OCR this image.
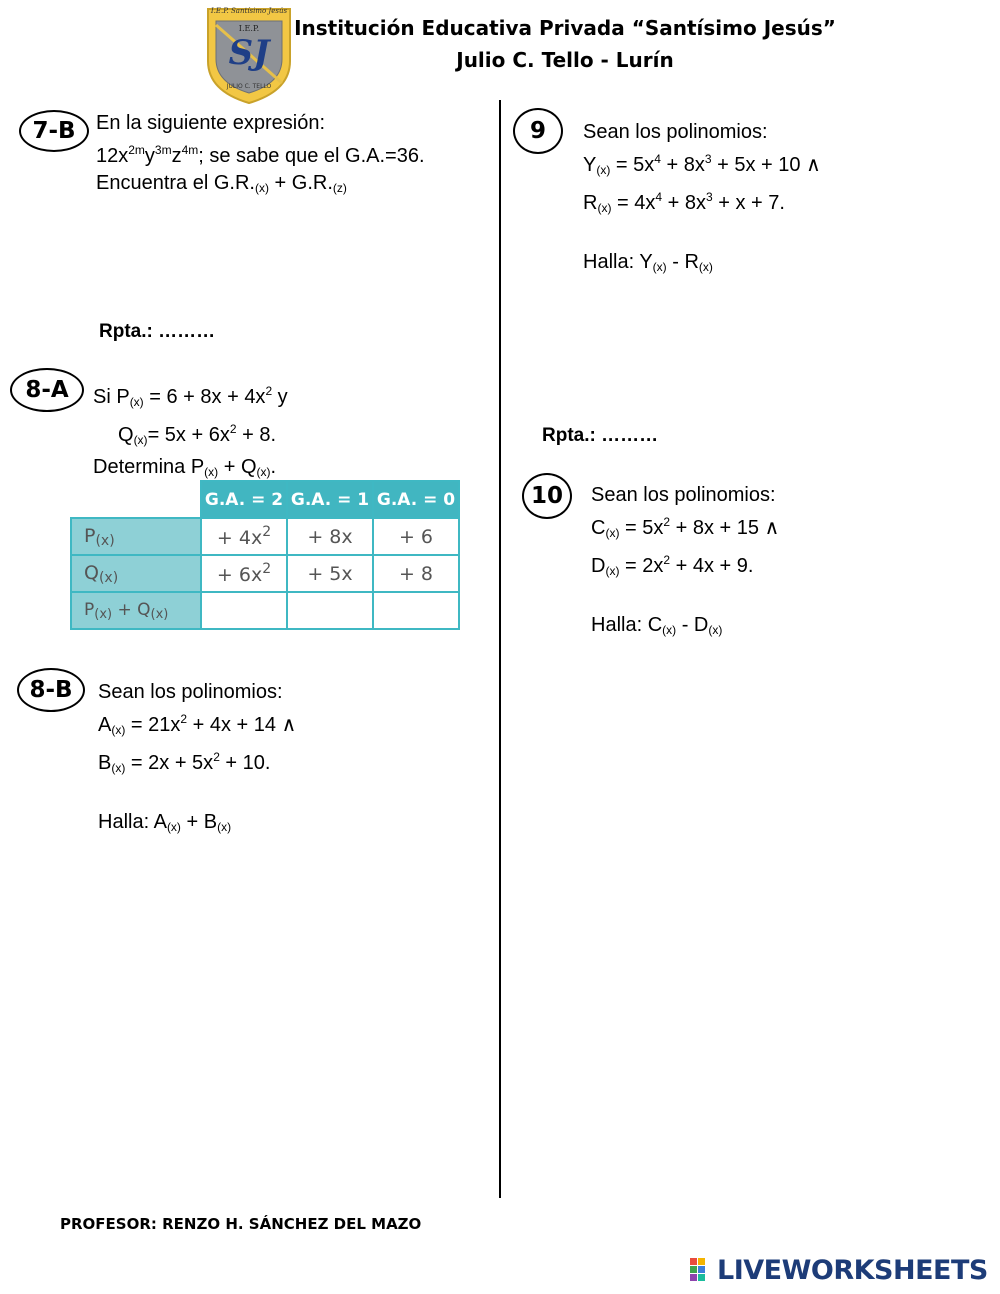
I.E.P. Santísimo Jesús
I.E.P.
SJ
JULIO C. TELLO
Institución Educativa Privada “Santísimo Jesús”
Julio C. Tello - Lurín
7-B	En la siguiente expresión:
$12x^{2m}y^{3m}z^{4m}$; se sabe que el G.A.=36.
Encuentra el $G.R._{(x)} + G.R._{(z)}$
Rpta.: ………
8-A	Si $P_{(x)} = 6 + 8x + 4x^2$ y
$Q_{(x)}= 5x + 6x^2 + 8$.
Determina $P_{(x)} + Q_{(x)}$.
	G.A. = 2	G.A. = 1	G.A. = 0
$P_{(x)}$	+ $4x^2$	+ 8x	+ 6
$Q_{(x)}$	+ $6x^2$	+ 5x	+ 8
$P_{(x)} + Q_{(x)}$			
8-B	Sean los polinomios:
$A_{(x)} = 21x^2 + 4x + 14$ ∧
$B_{(x)} = 2x + 5x^2 + 10$.

Halla: $A_{(x)} + B_{(x)}$
9	Sean los polinomios:
$Y_{(x)} = 5x^4 + 8x^3 + 5x + 10$ ∧
$R_{(x)} = 4x^4 + 8x^3 + x + 7$.

Halla: $Y_{(x)} - R_{(x)}$
Rpta.: ………
10	Sean los polinomios:
$C_{(x)} = 5x^2 + 8x + 15$ ∧
$D_{(x)} = 2x^2 + 4x + 9$.

Halla: $C_{(x)} - D_{(x)}$
PROFESOR: RENZO H. SÁNCHEZ DEL MAZO
LIVEWORKSHEETS
